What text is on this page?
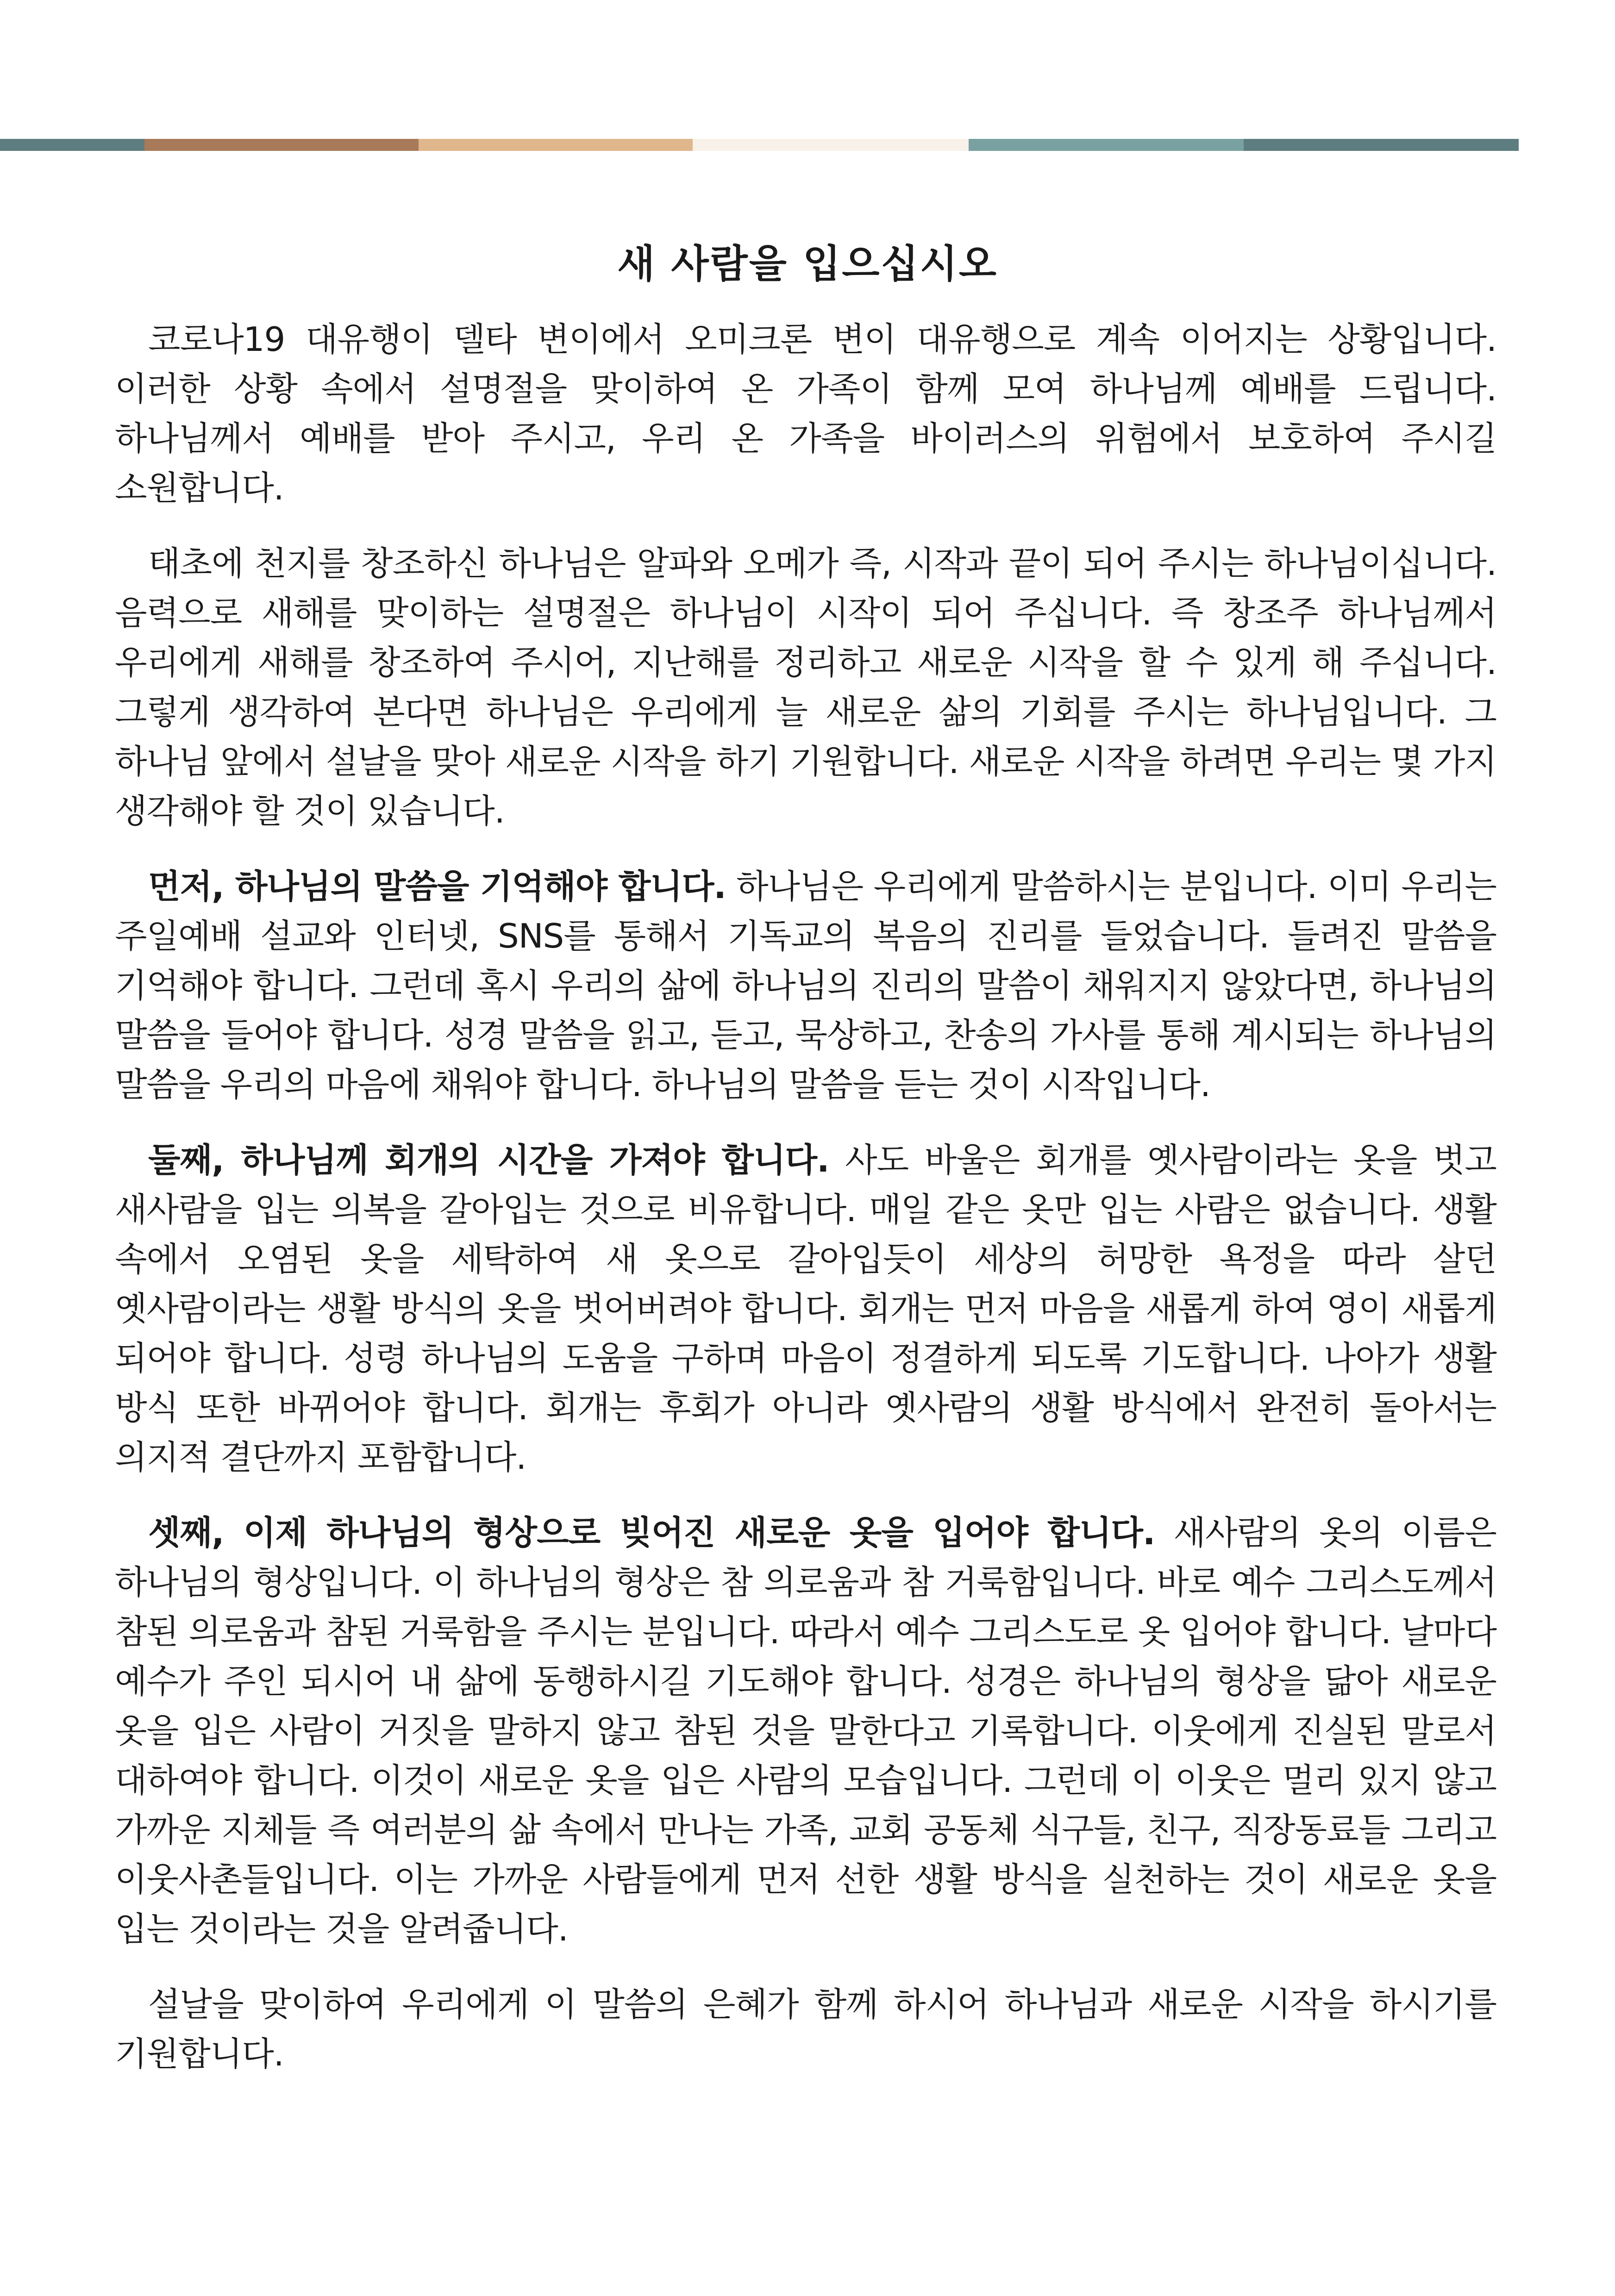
새 사람을 입으십시오

코로나19 대유행이 델타 변이에서 오미크론 변이 대유행으로 계속 이어지는 상황입니다. 이러한 상황 속에서 설명절을 맞이하여 온 가족이 함께 모여 하나님께 예배를 드립니다. 하나님께서 예배를 받아 주시고, 우리 온 가족을 바이러스의 위험에서 보호하여 주시길 소원합니다.

태초에 천지를 창조하신 하나님은 알파와 오메가 즉, 시작과 끝이 되어 주시는 하나님이십니다. 음력으로 새해를 맞이하는 설명절은 하나님이 시작이 되어 주십니다. 즉 창조주 하나님께서 우리에게 새해를 창조하여 주시어, 지난해를 정리하고 새로운 시작을 할 수 있게 해 주십니다. 그렇게 생각하여 본다면 하나님은 우리에게 늘 새로운 삶의 기회를 주시는 하나님입니다. 그 하나님 앞에서 설날을 맞아 새로운 시작을 하기 기원합니다. 새로운 시작을 하려면 우리는 몇 가지 생각해야 할 것이 있습니다.

먼저, 하나님의 말씀을 기억해야 합니다. 하나님은 우리에게 말씀하시는 분입니다. 이미 우리는 주일예배 설교와 인터넷, SNS를 통해서 기독교의 복음의 진리를 들었습니다. 들려진 말씀을 기억해야 합니다. 그런데 혹시 우리의 삶에 하나님의 진리의 말씀이 채워지지 않았다면, 하나님의 말씀을 들어야 합니다. 성경 말씀을 읽고, 듣고, 묵상하고, 찬송의 가사를 통해 계시되는 하나님의 말씀을 우리의 마음에 채워야 합니다. 하나님의 말씀을 듣는 것이 시작입니다.

둘째, 하나님께 회개의 시간을 가져야 합니다. 사도 바울은 회개를 옛사람이라는 옷을 벗고 새사람을 입는 의복을 갈아입는 것으로 비유합니다. 매일 같은 옷만 입는 사람은 없습니다. 생활 속에서 오염된 옷을 세탁하여 새 옷으로 갈아입듯이 세상의 허망한 욕정을 따라 살던 옛사람이라는 생활 방식의 옷을 벗어버려야 합니다. 회개는 먼저 마음을 새롭게 하여 영이 새롭게 되어야 합니다. 성령 하나님의 도움을 구하며 마음이 정결하게 되도록 기도합니다. 나아가 생활 방식 또한 바뀌어야 합니다. 회개는 후회가 아니라 옛사람의 생활 방식에서 완전히 돌아서는 의지적 결단까지 포함합니다.

셋째, 이제 하나님의 형상으로 빚어진 새로운 옷을 입어야 합니다. 새사람의 옷의 이름은 하나님의 형상입니다. 이 하나님의 형상은 참 의로움과 참 거룩함입니다. 바로 예수 그리스도께서 참된 의로움과 참된 거룩함을 주시는 분입니다. 따라서 예수 그리스도로 옷 입어야 합니다. 날마다 예수가 주인 되시어 내 삶에 동행하시길 기도해야 합니다. 성경은 하나님의 형상을 닮아 새로운 옷을 입은 사람이 거짓을 말하지 않고 참된 것을 말한다고 기록합니다. 이웃에게 진실된 말로서 대하여야 합니다. 이것이 새로운 옷을 입은 사람의 모습입니다. 그런데 이 이웃은 멀리 있지 않고 가까운 지체들 즉 여러분의 삶 속에서 만나는 가족, 교회 공동체 식구들, 친구, 직장동료들 그리고 이웃사촌들입니다. 이는 가까운 사람들에게 먼저 선한 생활 방식을 실천하는 것이 새로운 옷을 입는 것이라는 것을 알려줍니다.

설날을 맞이하여 우리에게 이 말씀의 은혜가 함께 하시어 하나님과 새로운 시작을 하시기를 기원합니다.
